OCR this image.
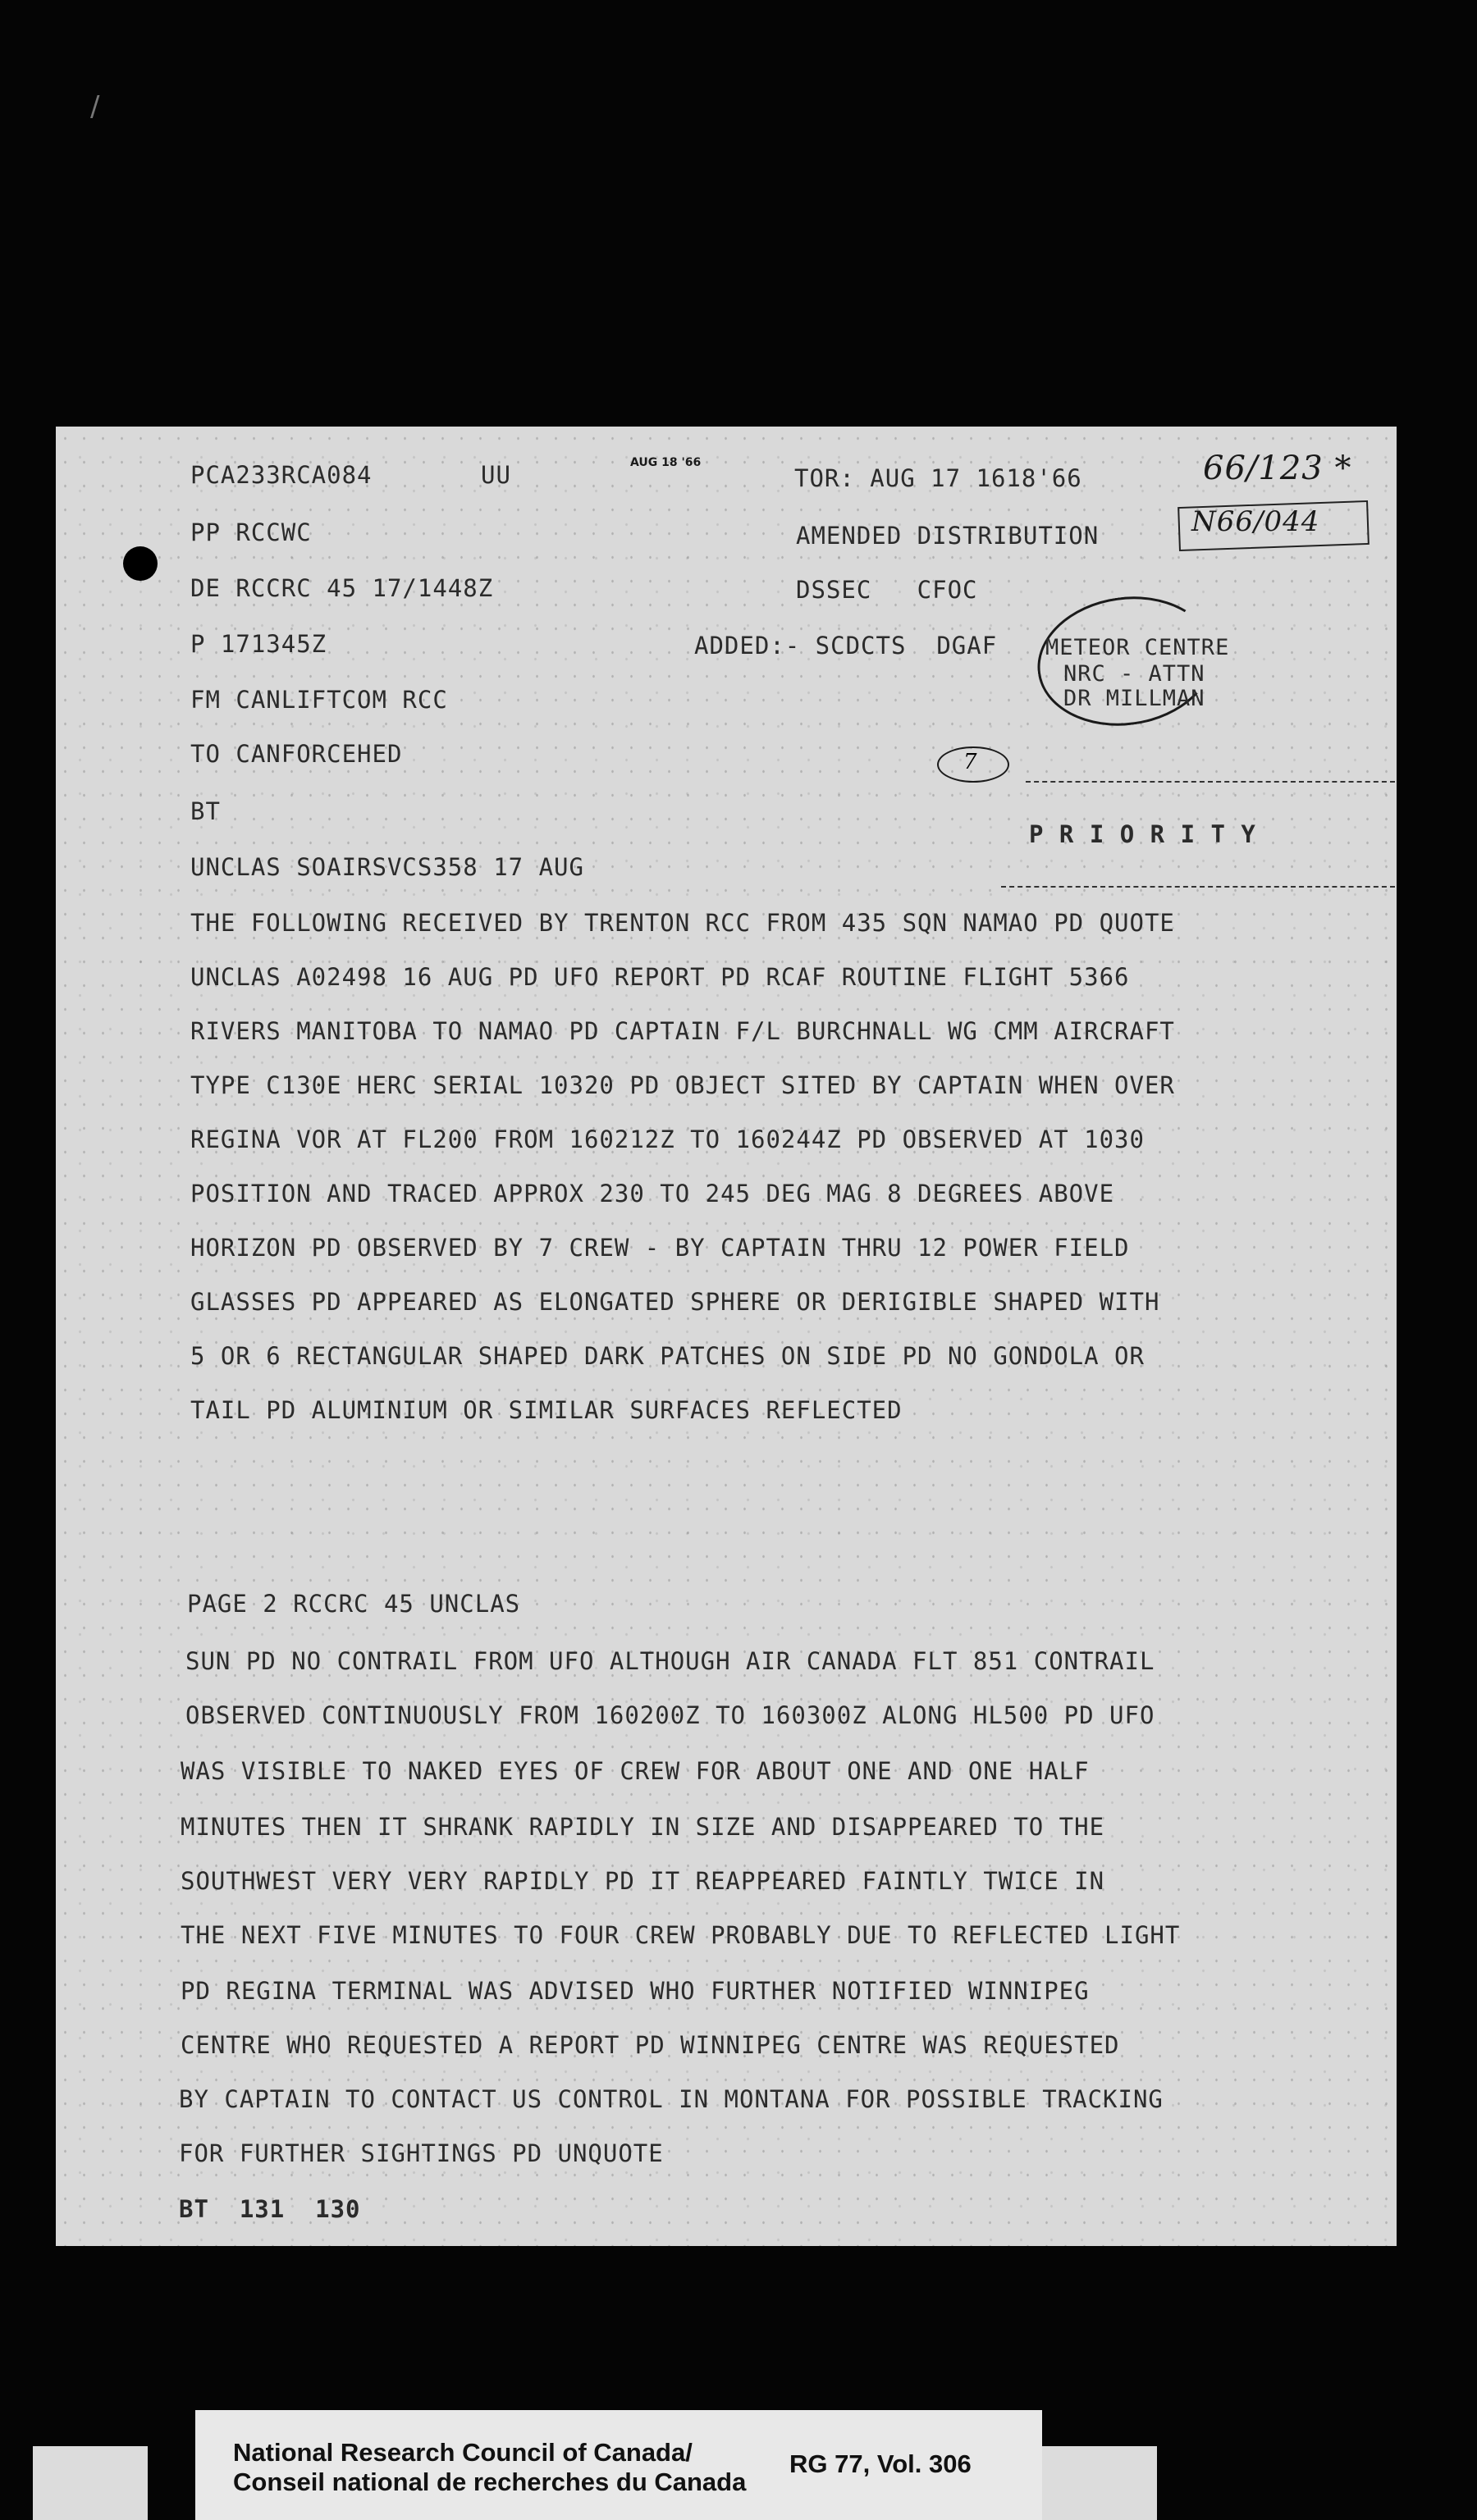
/
PCA233RCA084	UU	AUG 18 '66
TOR: AUG 17 1618'66	66/123 *
N66/044
PP RCCWC	AMENDED DISTRIBUTION
DE RCCRC 45 17/1448Z	DSSEC   CFOC
P 171345Z	ADDED:- SCDCTS  DGAF METEOR CENTRE
NRC - ATTN
DR MILLMAN
FM CANLIFTCOM RCC
TO CANFORCEHED	7
BT
P R I O R I T Y
UNCLAS SOAIRSVCS358 17 AUG
THE FOLLOWING RECEIVED BY TRENTON RCC FROM 435 SQN NAMAO PD QUOTE
UNCLAS A02498 16 AUG PD UFO REPORT PD RCAF ROUTINE FLIGHT 5366
RIVERS MANITOBA TO NAMAO PD CAPTAIN F/L BURCHNALL WG CMM AIRCRAFT
TYPE C130E HERC SERIAL 10320 PD OBJECT SITED BY CAPTAIN WHEN OVER
REGINA VOR AT FL200 FROM 160212Z TO 160244Z PD OBSERVED AT 1030
POSITION AND TRACED APPROX 230 TO 245 DEG MAG 8 DEGREES ABOVE
HORIZON PD OBSERVED BY 7 CREW - BY CAPTAIN THRU 12 POWER FIELD
GLASSES PD APPEARED AS ELONGATED SPHERE OR DERIGIBLE SHAPED WITH
5 OR 6 RECTANGULAR SHAPED DARK PATCHES ON SIDE PD NO GONDOLA OR
TAIL PD ALUMINIUM OR SIMILAR SURFACES REFLECTED
PAGE 2 RCCRC 45 UNCLAS
SUN PD NO CONTRAIL FROM UFO ALTHOUGH AIR CANADA FLT 851 CONTRAIL
OBSERVED CONTINUOUSLY FROM 160200Z TO 160300Z ALONG HL500 PD UFO
WAS VISIBLE TO NAKED EYES OF CREW FOR ABOUT ONE AND ONE HALF
MINUTES THEN IT SHRANK RAPIDLY IN SIZE AND DISAPPEARED TO THE
SOUTHWEST VERY VERY RAPIDLY PD IT REAPPEARED FAINTLY TWICE IN
THE NEXT FIVE MINUTES TO FOUR CREW PROBABLY DUE TO REFLECTED LIGHT
PD REGINA TERMINAL WAS ADVISED WHO FURTHER NOTIFIED WINNIPEG
CENTRE WHO REQUESTED A REPORT PD WINNIPEG CENTRE WAS REQUESTED
BY CAPTAIN TO CONTACT US CONTROL IN MONTANA FOR POSSIBLE TRACKING
FOR FURTHER SIGHTINGS PD UNQUOTE
BT  131  130
National Research Council of Canada/
Conseil national de recherches du Canada
RG 77, Vol. 306
